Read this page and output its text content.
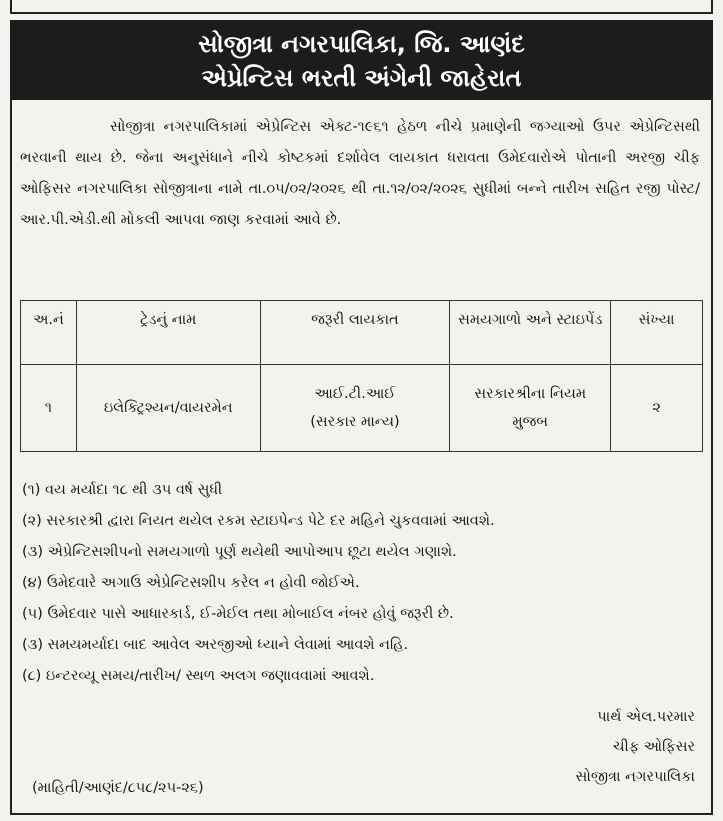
સોજીત્રા નગરપાલિકા, જિ. આણંદ
એપ્રેન્ટિસ ભરતી અંગેની જાહેરાત
સોજીત્રા નગરપાલિકામાં એપ્રેન્ટિસ એક્ટ-૧૯૬૧ હેઠળ નીચે પ્રમાણેની જગ્યાઓ ઉપર એપ્રેન્ટિસથી ભરવાની થાય છે. જેના અનુસંધાને નીચે કોષ્ટકમાં દર્શાવેલ લાયકાત ધરાવતા ઉમેદવારોએ પોતાની અરજી ચીફ ઓફિસર નગરપાલિકા સોજીત્રાના નામે તા.૦૫/૦૨/૨૦૨૬ થી તા.૧૨/૦૨/૨૦૨૬ સુધીમાં બન્ને તારીખ સહિત રજી પોસ્ટ/આર.પી.એડી.થી મોકલી આપવા જાણ કરવામાં આવે છે.
અ.નં	ટ્રેડનું નામ	જરૂરી લાયકાત	સમયગાળો અને સ્ટાઇપેંડ	સંખ્યા
૧	ઇલેક્ટ્રિશ્યન/વાયરમેન	આઈ.ટી.આઈ (સરકાર માન્ય)	સરકારશ્રીના નિયમ મુજબ	૨
(૧) વય મર્યાદા ૧૮ થી ૩૫ વર્ષ સુધી
(૨) સરકારશ્રી દ્વારા નિયત થયેલ રકમ સ્ટાઇપેન્ડ પેટે દર મહિને ચુકવવામાં આવશે.
(૩) એપ્રેન્ટિસશીપનો સમયગાળો પૂર્ણ થયેથી આપોઆપ છૂટા થયેલ ગણાશે.
(૪) ઉમેદવારે અગાઉ એપ્રેન્ટિસશીપ કરેલ ન હોવી જોઈએ.
(૫) ઉમેદવાર પાસે આધારકાર્ડ, ઈ-મેઈલ તથા મોબાઈલ નંબર હોવું જરૂરી છે.
(૩) સમયમર્યાદા બાદ આવેલ અરજીઓ ધ્યાને લેવામાં આવશે નહિ.
(૮) ઇન્ટરવ્યૂ સમય/તારીખ/ સ્થળ અલગ જણાવવામાં આવશે.
પાર્થ એલ.પરમાર
ચીફ ઓફિસર
સોજીત્રા નગરપાલિકા
(માહિતી/આણંદ/૮૫૮/૨૫-૨૬)
